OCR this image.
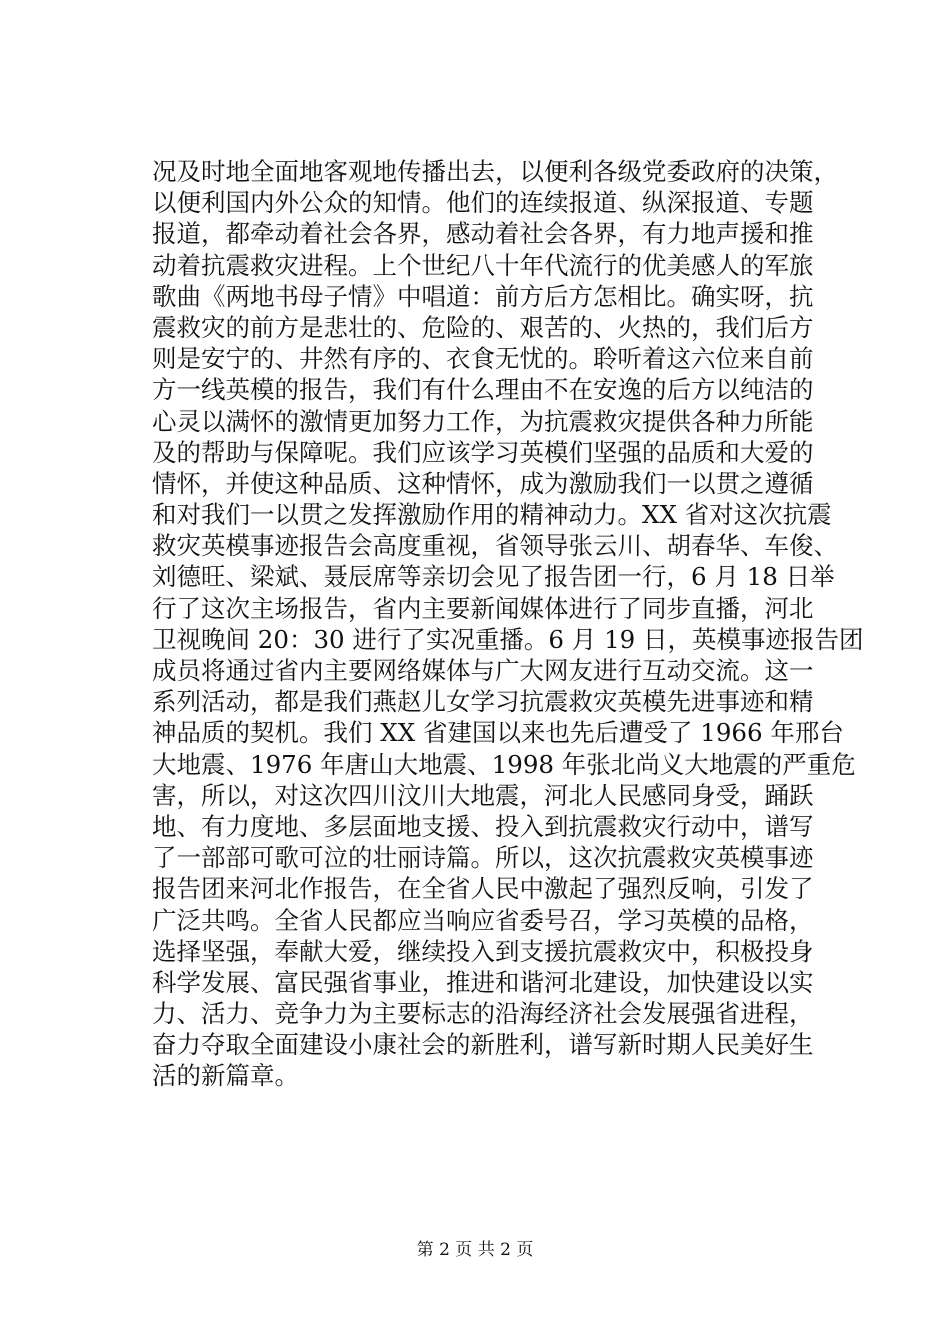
况及时地全面地客观地传播出去，以便利各级党委政府的决策，
以便利国内外公众的知情。他们的连续报道、纵深报道、专题
报道，都牵动着社会各界，感动着社会各界，有力地声援和推
动着抗震救灾进程。上个世纪八十年代流行的优美感人的军旅
歌曲《两地书母子情》中唱道：前方后方怎相比。确实呀，抗
震救灾的前方是悲壮的、危险的、艰苦的、火热的，我们后方
则是安宁的、井然有序的、衣食无忧的。聆听着这六位来自前
方一线英模的报告，我们有什么理由不在安逸的后方以纯洁的
心灵以满怀的激情更加努力工作，为抗震救灾提供各种力所能
及的帮助与保障呢。我们应该学习英模们坚强的品质和大爱的
情怀，并使这种品质、这种情怀，成为激励我们一以贯之遵循
和对我们一以贯之发挥激励作用的精神动力。XX 省对这次抗震
救灾英模事迹报告会高度重视，省领导张云川、胡春华、车俊、
刘德旺、梁斌、聂辰席等亲切会见了报告团一行，6 月 18 日举
行了这次主场报告，省内主要新闻媒体进行了同步直播，河北
卫视晚间 20：30 进行了实况重播。6 月 19 日，英模事迹报告团
成员将通过省内主要网络媒体与广大网友进行互动交流。这一
系列活动，都是我们燕赵儿女学习抗震救灾英模先进事迹和精
神品质的契机。我们 XX 省建国以来也先后遭受了 1966 年邢台
大地震、1976 年唐山大地震、1998 年张北尚义大地震的严重危
害，所以，对这次四川汶川大地震，河北人民感同身受，踊跃
地、有力度地、多层面地支援、投入到抗震救灾行动中，谱写
了一部部可歌可泣的壮丽诗篇。所以，这次抗震救灾英模事迹
报告团来河北作报告，在全省人民中激起了强烈反响，引发了
广泛共鸣。全省人民都应当响应省委号召，学习英模的品格，
选择坚强，奉献大爱，继续投入到支援抗震救灾中，积极投身
科学发展、富民强省事业，推进和谐河北建设，加快建设以实
力、活力、竞争力为主要标志的沿海经济社会发展强省进程，
奋力夺取全面建设小康社会的新胜利，谱写新时期人民美好生
活的新篇章。
第 2 页 共 2 页
